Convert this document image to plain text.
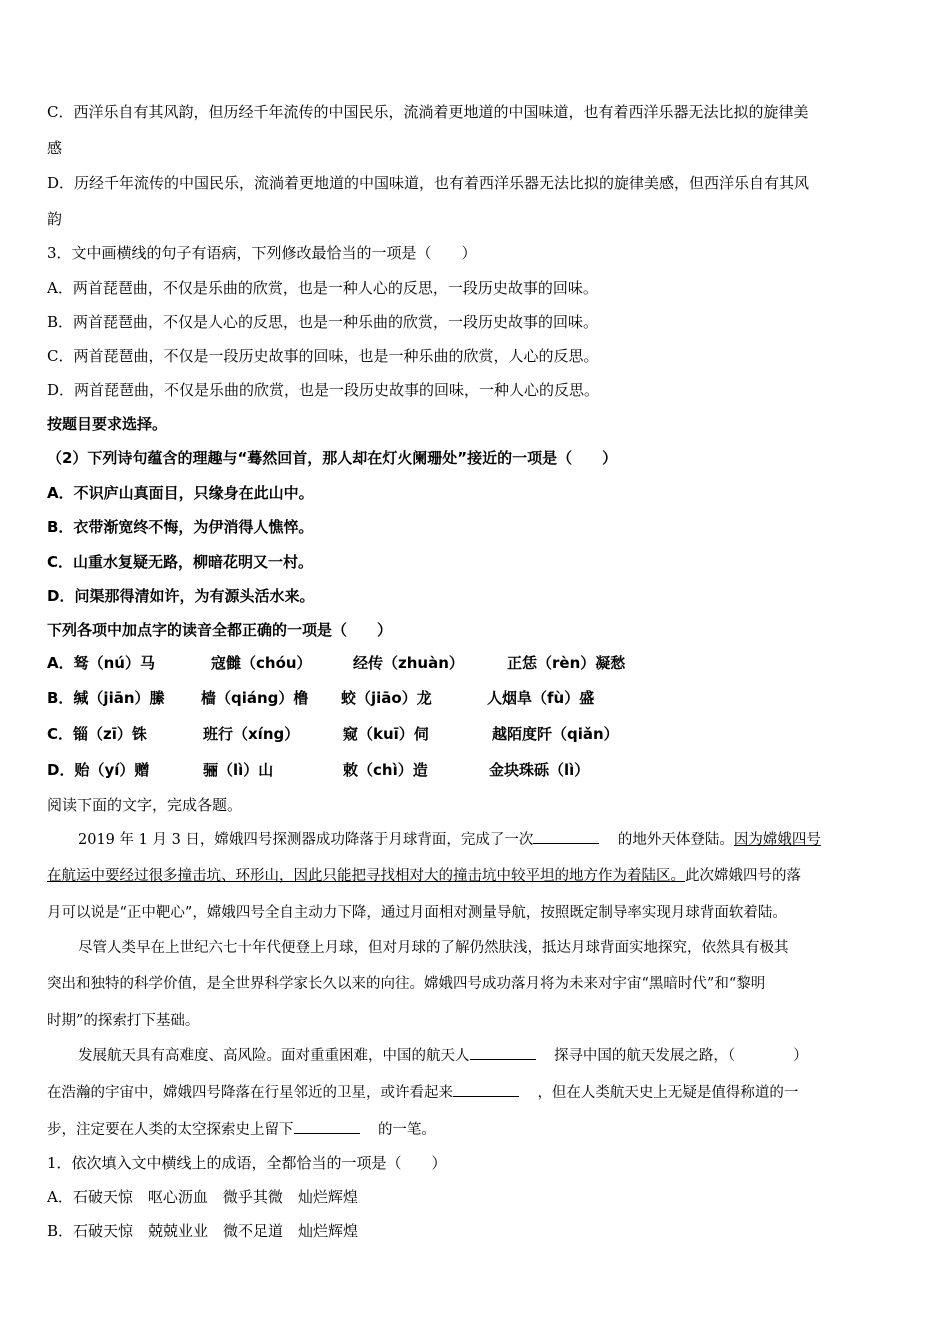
C．西洋乐自有其风韵，但历经千年流传的中国民乐，流淌着更地道的中国味道，也有着西洋乐器无法比拟的旋律美
感
D．历经千年流传的中国民乐，流淌着更地道的中国味道，也有着西洋乐器无法比拟的旋律美感，但西洋乐自有其风
韵
3．文中画横线的句子有语病，下列修改最恰当的一项是（　　）
A．两首琵琶曲，不仅是乐曲的欣赏，也是一种人心的反思，一段历史故事的回味。
B．两首琵琶曲，不仅是人心的反思，也是一种乐曲的欣赏，一段历史故事的回味。
C．两首琵琶曲，不仅是一段历史故事的回味，也是一种乐曲的欣赏，人心的反思。
D．两首琵琶曲，不仅是乐曲的欣赏，也是一段历史故事的回味，一种人心的反思。
按题目要求选择。
（2）下列诗句蕴含的理趣与“蓦然回首，那人却在灯火阑珊处”接近的一项是（　　）
A．不识庐山真面目，只缘身在此山中。
B．衣带渐宽终不悔，为伊消得人憔悴。
C．山重水复疑无路，柳暗花明又一村。
D．问渠那得清如许，为有源头活水来。
下列各项中加点字的读音全都正确的一项是（　　）
A．驽（nú）马	寇雠（chóu）	经传（zhuàn）	正恁（rèn）凝愁
B．缄（jiān）縢 樯（qiáng）橹 蛟（jiāo）龙	人烟阜（fù）盛
C．锱（zī）铢	班行（xíng）	窥（kuī）伺	越陌度阡（qiǎn）
D．贻（yí）赠	骊（lì）山	敕（chì）造	金块珠砾（lì）
阅读下面的文字，完成各题。
2019 年 1 月 3 日，嫦娥四号探测器成功降落于月球背面，完成了一次	的地外天体登陆。因为嫦娥四号
在航运中要经过很多撞击坑、环形山，因此只能把寻找相对大的撞击坑中较平坦的地方作为着陆区。此次嫦娥四号的落
月可以说是“正中靶心”，嫦娥四号全自主动力下降，通过月面相对测量导航，按照既定制导率实现月球背面软着陆。
尽管人类早在上世纪六七十年代便登上月球，但对月球的了解仍然肤浅，抵达月球背面实地探究，依然具有极其
突出和独特的科学价值，是全世界科学家长久以来的向往。嫦娥四号成功落月将为未来对宇宙“黑暗时代”和“黎明
时期”的探索打下基础。
发展航天具有高难度、高风险。面对重重困难，中国的航天人	探寻中国的航天发展之路，（	）
在浩瀚的宇宙中，嫦娥四号降落在行星邻近的卫星，或许看起来	，但在人类航天史上无疑是值得称道的一
步，注定要在人类的太空探索史上留下	的一笔。
1．依次填入文中横线上的成语，全都恰当的一项是（　　）
A．石破天惊　呕心沥血　微乎其微　灿烂辉煌
B．石破天惊　兢兢业业　微不足道　灿烂辉煌
